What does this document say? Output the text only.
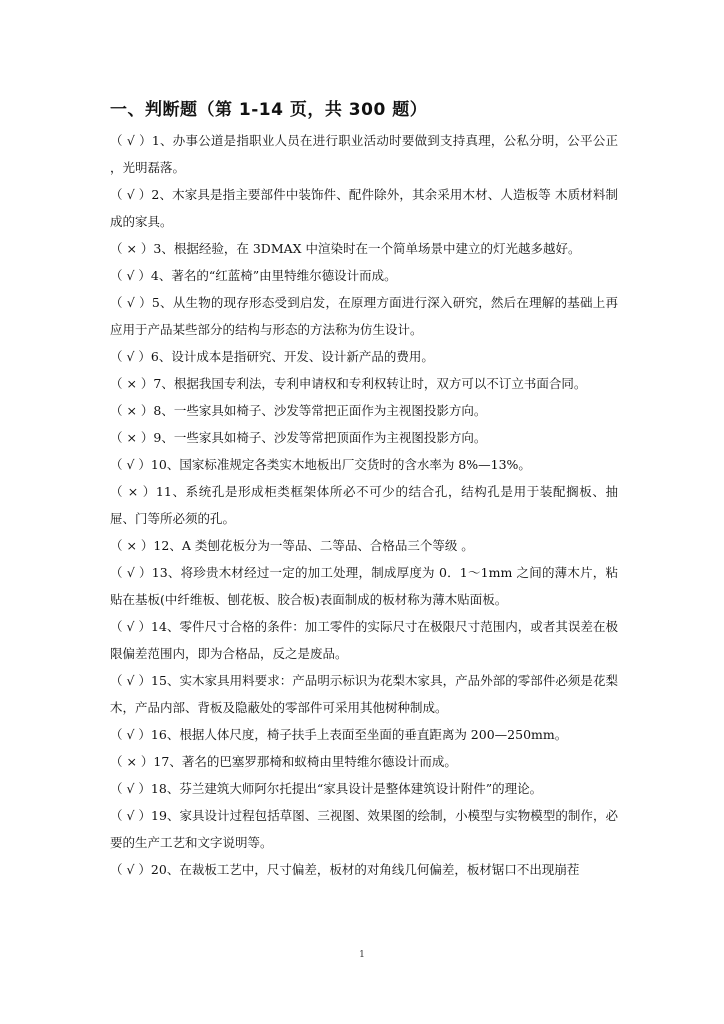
一、判断题（第 1-14 页，共 300 题）

（ √ ）1、办事公道是指职业人员在进行职业活动时要做到支持真理，公私分明，公平公正 ，光明磊落。

（ √ ）2、木家具是指主要部件中装饰件、配件除外，其余采用木材、人造板等 木质材料制成的家具。

（ × ）3、根据经验，在 3DMAX 中渲染时在一个简单场景中建立的灯光越多越好。

（ √ ）4、著名的“红蓝椅”由里特维尔德设计而成。

（ √ ）5、从生物的现存形态受到启发，在原理方面进行深入研究，然后在理解的基础上再应用于产品某些部分的结构与形态的方法称为仿生设计。

（ √ ）6、设计成本是指研究、开发、设计新产品的费用。

（ × ）7、根据我国专利法，专利申请权和专利权转让时，双方可以不订立书面合同。

（ × ）8、一些家具如椅子、沙发等常把正面作为主视图投影方向。

（ × ）9、一些家具如椅子、沙发等常把顶面作为主视图投影方向。

（ √ ）10、国家标准规定各类实木地板出厂交货时的含水率为 8%—13%。

（ × ）11、系统孔是形成柜类框架体所必不可少的结合孔，结构孔是用于装配搁板、抽屉、门等所必须的孔。

（ × ）12、A 类刨花板分为一等品、二等品、合格品三个等级 。

（ √ ）13、将珍贵木材经过一定的加工处理，制成厚度为 0．1～1mm 之间的薄木片，粘贴在基板(中纤维板、刨花板、胶合板)表面制成的板材称为薄木贴面板。

（ √ ）14、零件尺寸合格的条件：加工零件的实际尺寸在极限尺寸范围内，或者其误差在极限偏差范围内，即为合格品，反之是废品。

（ √ ）15、实木家具用料要求：产品明示标识为花梨木家具，产品外部的零部件必须是花梨木，产品内部、背板及隐蔽处的零部件可采用其他树种制成。

（ √ ）16、根据人体尺度，椅子扶手上表面至坐面的垂直距离为 200—250mm。

（ × ）17、著名的巴塞罗那椅和蚁椅由里特维尔德设计而成。

（ √ ）18、芬兰建筑大师阿尔托提出“家具设计是整体建筑设计附件”的理论。

（ √ ）19、家具设计过程包括草图、三视图、效果图的绘制，小模型与实物模型的制作，必要的生产工艺和文字说明等。

（ √ ）20、在裁板工艺中，尺寸偏差，板材的对角线几何偏差，板材锯口不出现崩茬

1
